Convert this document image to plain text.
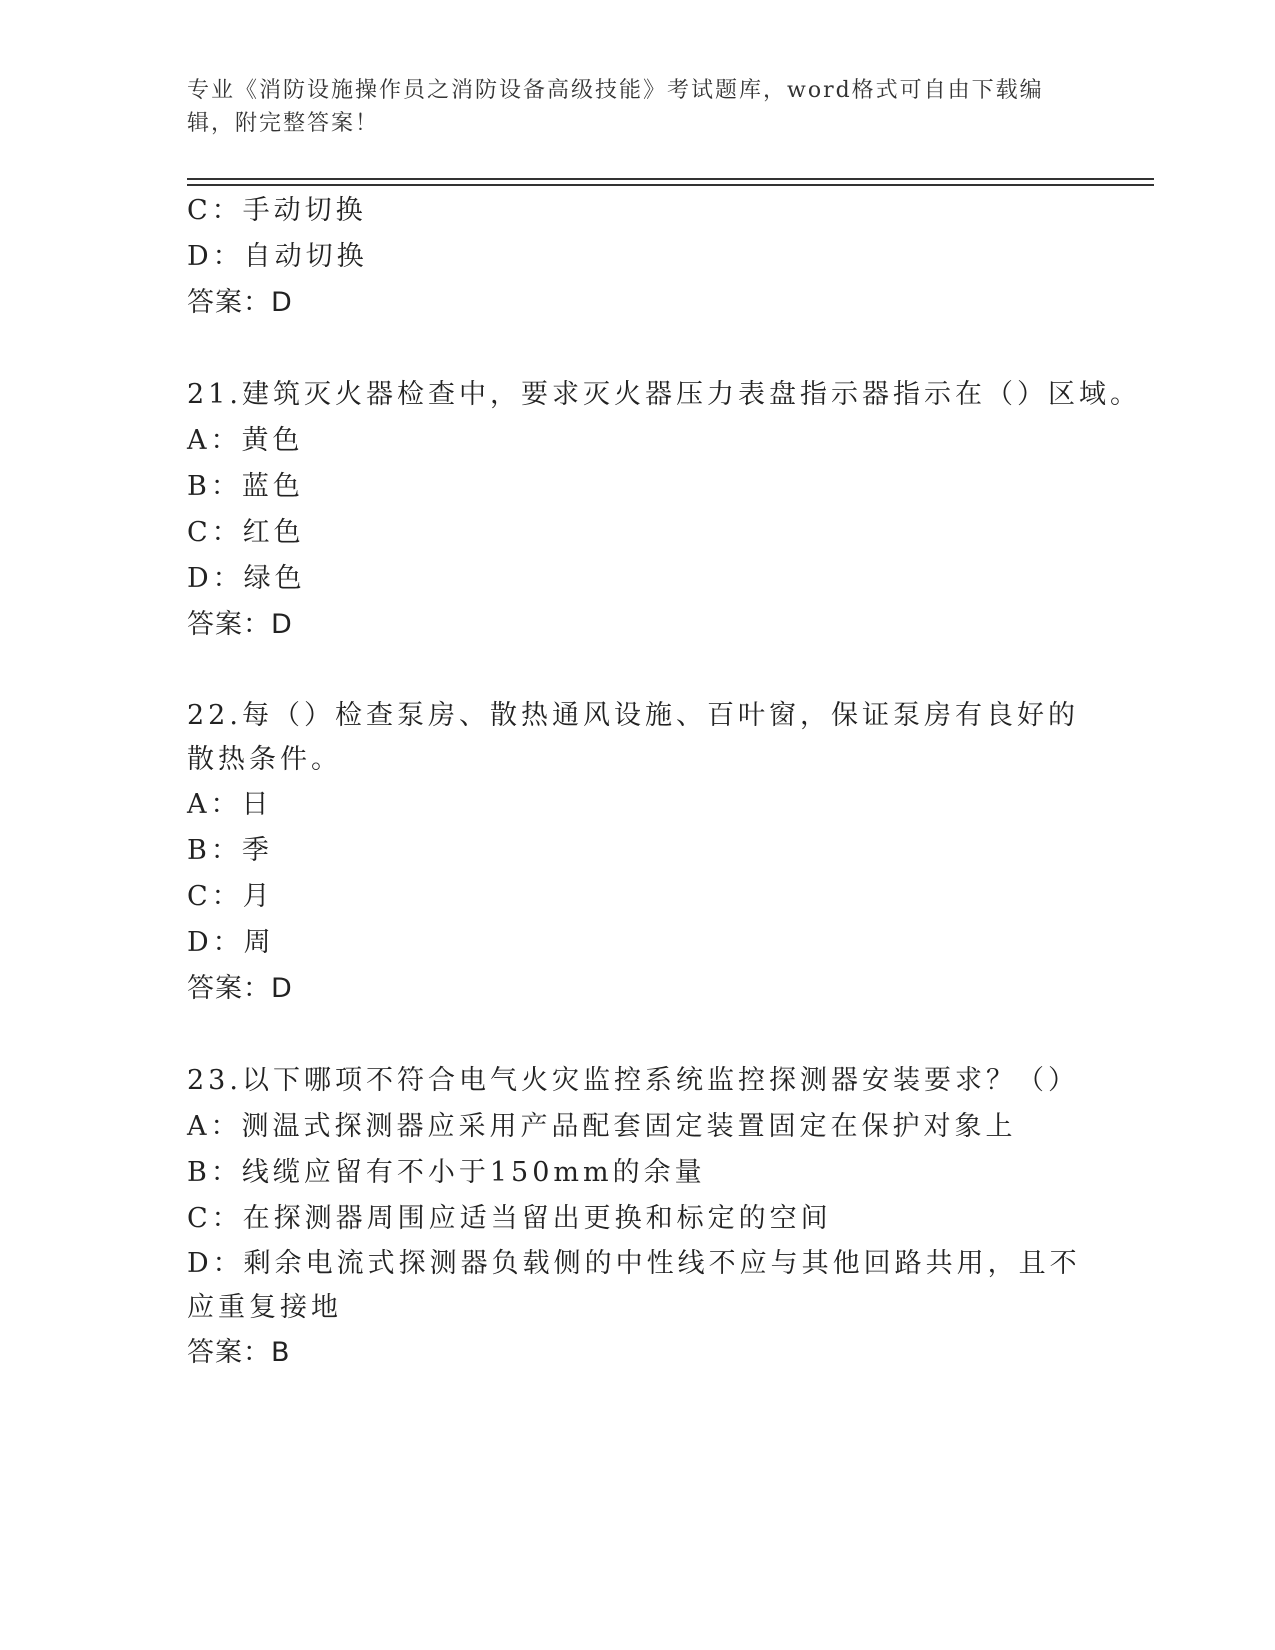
专业《消防设施操作员之消防设备高级技能》考试题库，word格式可自由下载编辑，附完整答案！
C：手动切换
D：自动切换
答案：D
21.建筑灭火器检查中，要求灭火器压力表盘指示器指示在（）区域。
A：黄色
B：蓝色
C：红色
D：绿色
答案：D
22.每（）检查泵房、散热通风设施、百叶窗，保证泵房有良好的散热条件。
A：日
B：季
C：月
D：周
答案：D
23.以下哪项不符合电气火灾监控系统监控探测器安装要求？（）
A：测温式探测器应采用产品配套固定装置固定在保护对象上
B：线缆应留有不小于150mm的余量
C：在探测器周围应适当留出更换和标定的空间
D：剩余电流式探测器负载侧的中性线不应与其他回路共用，且不应重复接地
答案：B
